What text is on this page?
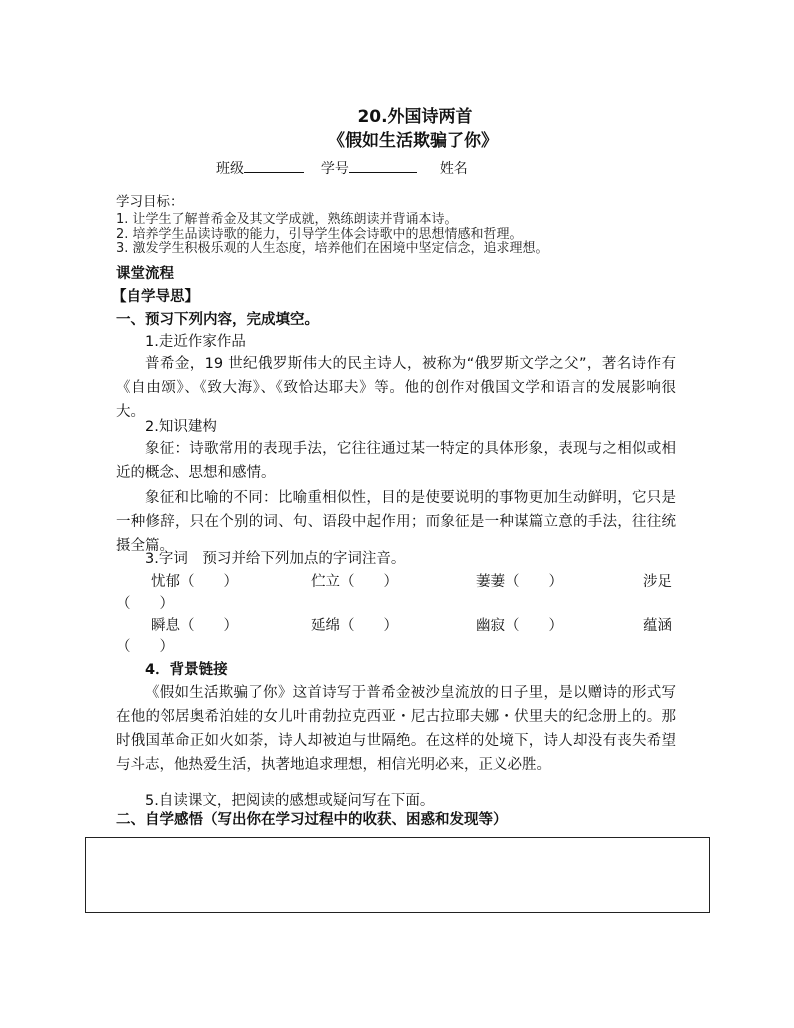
20.外国诗两首
《假如生活欺骗了你》
班级	学号	姓名
学习目标：
1. 让学生了解普希金及其文学成就，熟练朗读并背诵本诗。
2. 培养学生品读诗歌的能力，引导学生体会诗歌中的思想情感和哲理。
3. 激发学生积极乐观的人生态度，培养他们在困境中坚定信念，追求理想。
课堂流程
【自学导思】
一、预习下列内容，完成填空。
1.走近作家作品
普希金，19 世纪俄罗斯伟大的民主诗人，被称为“俄罗斯文学之父”，著名诗作有《自由颂》、《致大海》、《致恰达耶夫》等。他的创作对俄国文学和语言的发展影响很大。
2.知识建构
象征：诗歌常用的表现手法，它往往通过某一特定的具体形象，表现与之相似或相近的概念、思想和感情。
象征和比喻的不同：比喻重相似性，目的是使要说明的事物更加生动鲜明，它只是一种修辞，只在个别的词、句、语段中起作用；而象征是一种谋篇立意的手法，往往统摄全篇。
3.字词　预习并给下列加点的字词注音。
忧郁（　　）	伫立（　　）	萋萋（　　）	涉足
（　　）
瞬息（　　）	延绵（　　）	幽寂（　　）	蕴涵
（　　）
4．背景链接
《假如生活欺骗了你》这首诗写于普希金被沙皇流放的日子里，是以赠诗的形式写在他的邻居奥希泊娃的女儿叶甫勃拉克西亚・尼古拉耶夫娜・伏里夫的纪念册上的。那时俄国革命正如火如荼，诗人却被迫与世隔绝。在这样的处境下，诗人却没有丧失希望与斗志，他热爱生活，执著地追求理想，相信光明必来，正义必胜。
5.自读课文，把阅读的感想或疑问写在下面。
二、自学感悟（写出你在学习过程中的收获、困惑和发现等）
